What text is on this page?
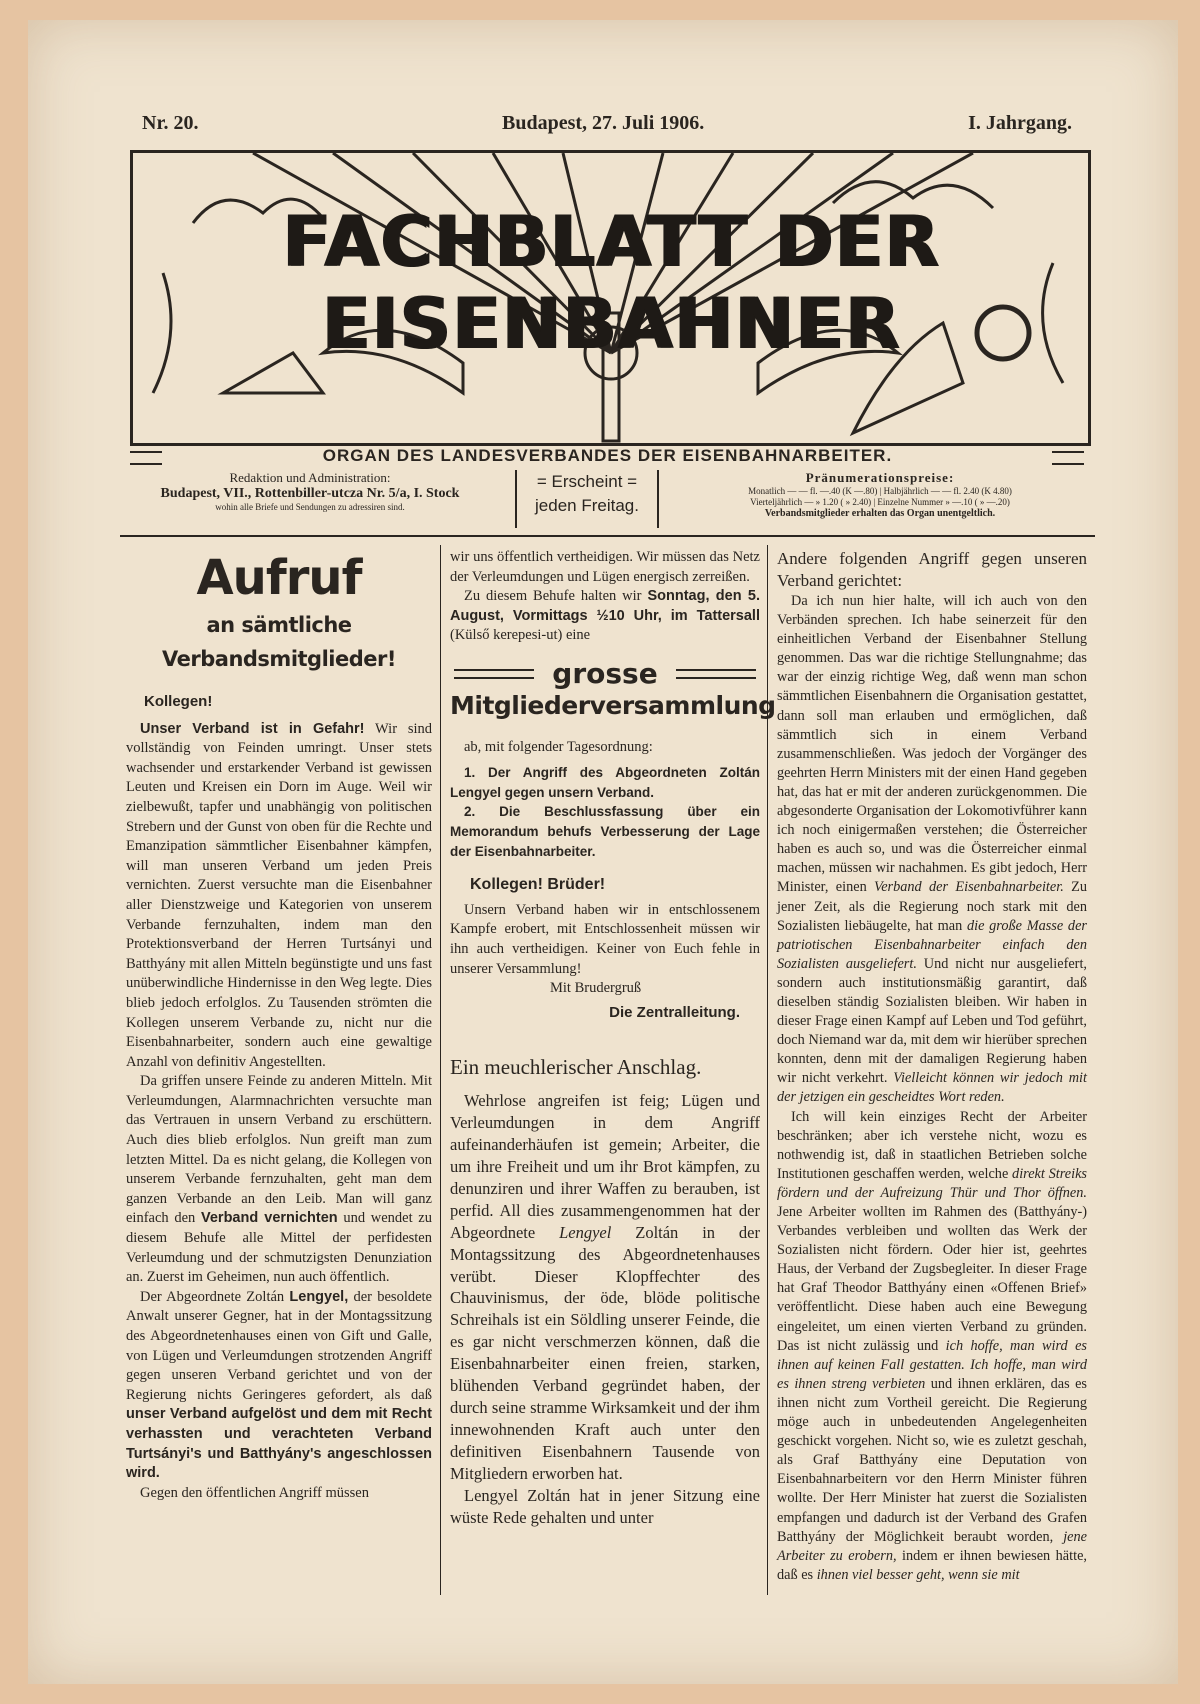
Nr. 20.	Budapest, 27. Juli 1906.	I. Jahrgang.
FACHBLATT DER EISENBAHNER
ORGAN DES LANDESVERBANDES DER EISENBAHNARBEITER.
Redaktion und Administration:
Budapest, VII., Rottenbiller-utcza Nr. 5/a, I. Stock
wohin alle Briefe und Sendungen zu adressiren sind.
= Erscheint =
jeden Freitag.
Pränumerationspreise:
Monatlich — — fl. —.40 (K —.80) | Halbjährlich — — fl. 2.40 (K 4.80)
Vierteljährlich — » 1.20 ( » 2.40) | Einzelne Nummer » —.10 ( » —.20)
Verbandsmitglieder erhalten das Organ unentgeltlich.
Aufruf
an sämtliche Verbandsmitglieder!
Kollegen!

Unser Verband ist in Gefahr! Wir sind vollständig von Feinden umringt. Unser stets wachsender und erstarkender Verband ist gewissen Leuten und Kreisen ein Dorn im Auge. Weil wir zielbewußt, tapfer und unabhängig von politischen Strebern und der Gunst von oben für die Rechte und Emanzipation sämmtlicher Eisenbahner kämpfen, will man unseren Verband um jeden Preis vernichten. Zuerst versuchte man die Eisenbahner aller Dienstzweige und Kategorien von unserem Verbande fernzuhalten, indem man den Protektionsverband der Herren Turtsányi und Batthyány mit allen Mitteln begünstigte und uns fast unüberwindliche Hindernisse in den Weg legte. Dies blieb jedoch erfolglos. Zu Tausenden strömten die Kollegen unserem Verbande zu, nicht nur die Eisenbahnarbeiter, sondern auch eine gewaltige Anzahl von definitiv Angestellten.

Da griffen unsere Feinde zu anderen Mitteln. Mit Verleumdungen, Alarmnachrichten versuchte man das Vertrauen in unsern Verband zu erschüttern. Auch dies blieb erfolglos. Nun greift man zum letzten Mittel. Da es nicht gelang, die Kollegen von unserem Verbande fernzuhalten, geht man dem ganzen Verbande an den Leib. Man will ganz einfach den Verband vernichten und wendet zu diesem Behufe alle Mittel der perfidesten Verleumdung und der schmutzigsten Denunziation an. Zuerst im Geheimen, nun auch öffentlich.

Der Abgeordnete Zoltán Lengyel, der besoldete Anwalt unserer Gegner, hat in der Montagssitzung des Abgeordnetenhauses einen von Gift und Galle, von Lügen und Verleumdungen strotzenden Angriff gegen unseren Verband gerichtet und von der Regierung nichts Geringeres gefordert, als daß unser Verband aufgelöst und dem mit Recht verhassten und verachteten Verband Turtsányi's und Batthyány's angeschlossen wird.

Gegen den öffentlichen Angriff müssen

wir uns öffentlich vertheidigen. Wir müssen das Netz der Verleumdungen und Lügen energisch zerreißen.

Zu diesem Behufe halten wir Sonntag, den 5. August, Vormittags ½10 Uhr, im Tattersall (Külső kerepesi-ut) eine

grosse
Mitgliederversammlung

ab, mit folgender Tagesordnung:

1. Der Angriff des Abgeordneten Zoltán Lengyel gegen unsern Verband.

2. Die Beschlussfassung über ein Memorandum behufs Verbesserung der Lage der Eisenbahnarbeiter.

Kollegen! Brüder!

Unsern Verband haben wir in entschlossenem Kampfe erobert, mit Entschlossenheit müssen wir ihn auch vertheidigen. Keiner von Euch fehle in unserer Versammlung!

Mit Brudergruß
Die Zentralleitung.
Ein meuchlerischer Anschlag.

Wehrlose angreifen ist feig; Lügen und Verleumdungen in dem Angriff aufeinanderhäufen ist gemein; Arbeiter, die um ihre Freiheit und um ihr Brot kämpfen, zu denunziren und ihrer Waffen zu berauben, ist perfid. All dies zusammengenommen hat der Abgeordnete Lengyel Zoltán in der Montagssitzung des Abgeordnetenhauses verübt. Dieser Klopffechter des Chauvinismus, der öde, blöde politische Schreihals ist ein Söldling unserer Feinde, die es gar nicht verschmerzen können, daß die Eisenbahnarbeiter einen freien, starken, blühenden Verband gegründet haben, der durch seine stramme Wirksamkeit und der ihm innewohnenden Kraft auch unter den definitiven Eisenbahnern Tausende von Mitgliedern erworben hat.

Lengyel Zoltán hat in jener Sitzung eine wüste Rede gehalten und unter

Andere folgenden Angriff gegen unseren Verband gerichtet:

Da ich nun hier halte, will ich auch von den Verbänden sprechen. Ich habe seinerzeit für den einheitlichen Verband der Eisenbahner Stellung genommen. Das war die richtige Stellungnahme; das war der einzig richtige Weg, daß wenn man schon sämmtlichen Eisenbahnern die Organisation gestattet, dann soll man erlauben und ermöglichen, daß sämmtlich sich in einem Verband zusammenschließen. Was jedoch der Vorgänger des geehrten Herrn Ministers mit der einen Hand gegeben hat, das hat er mit der anderen zurückgenommen. Die abgesonderte Organisation der Lokomotivführer kann ich noch einigermaßen verstehen; die Österreicher haben es auch so, und was die Österreicher einmal machen, müssen wir nachahmen. Es gibt jedoch, Herr Minister, einen Verband der Eisenbahnarbeiter. Zu jener Zeit, als die Regierung noch stark mit den Sozialisten liebäugelte, hat man die große Masse der patriotischen Eisenbahnarbeiter einfach den Sozialisten ausgeliefert. Und nicht nur ausgeliefert, sondern auch institutionsmäßig garantirt, daß dieselben ständig Sozialisten bleiben. Wir haben in dieser Frage einen Kampf auf Leben und Tod geführt, doch Niemand war da, mit dem wir hierüber sprechen konnten, denn mit der damaligen Regierung haben wir nicht verkehrt. Vielleicht können wir jedoch mit der jetzigen ein gescheidtes Wort reden.

Ich will kein einziges Recht der Arbeiter beschränken; aber ich verstehe nicht, wozu es nothwendig ist, daß in staatlichen Betrieben solche Institutionen geschaffen werden, welche direkt Streiks fördern und der Aufreizung Thür und Thor öffnen. Jene Arbeiter wollten im Rahmen des (Batthyány-) Verbandes verbleiben und wollten das Werk der Sozialisten nicht fördern. Oder hier ist, geehrtes Haus, der Verband der Zugsbegleiter. In dieser Frage hat Graf Theodor Batthyány einen «Offenen Brief» veröffentlicht. Diese haben auch eine Bewegung eingeleitet, um einen vierten Verband zu gründen. Das ist nicht zulässig und ich hoffe, man wird es ihnen auf keinen Fall gestatten. Ich hoffe, man wird es ihnen streng verbieten und ihnen erklären, das es ihnen nicht zum Vortheil gereicht. Die Regierung möge auch in unbedeutenden Angelegenheiten geschickt vorgehen. Nicht so, wie es zuletzt geschah, als Graf Batthyány eine Deputation von Eisenbahnarbeitern vor den Herrn Minister führen wollte. Der Herr Minister hat zuerst die Sozialisten empfangen und dadurch ist der Verband des Grafen Batthyány der Möglichkeit beraubt worden, jene Arbeiter zu erobern, indem er ihnen bewiesen hätte, daß es ihnen viel besser geht, wenn sie mit
